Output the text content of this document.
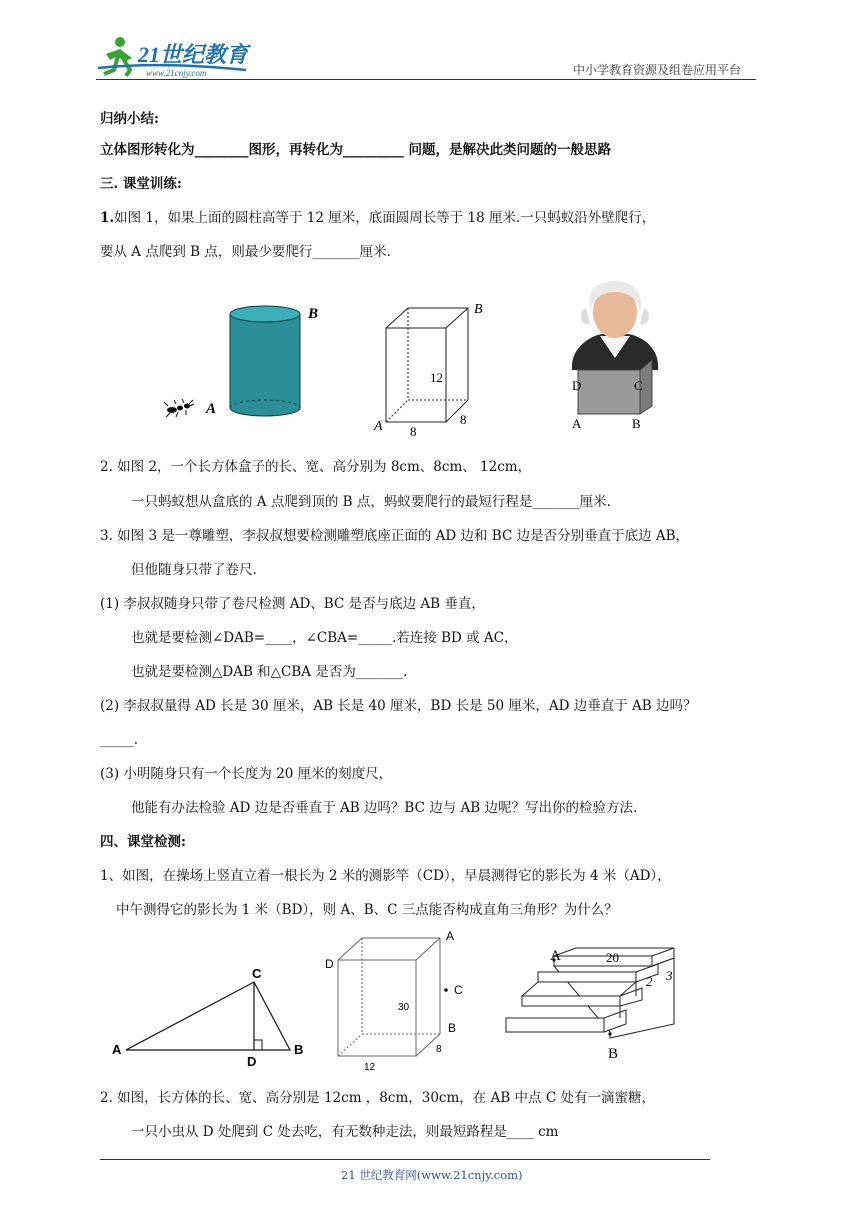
21世纪教育
www.21cnjy.com	中小学教育资源及组卷应用平台
归纳小结:
立体图形转化为________图形，再转化为_________ 问题，是解决此类问题的一般思路
三. 课堂训练:
1.如图 1，如果上面的圆柱高等于 12 厘米，底面圆周长等于 18 厘米.一只蚂蚁沿外壁爬行，
要从 A 点爬到 B 点，则最少要爬行_______厘米.
B
A
B
A
12
8
8
D	C
A	B
2. 如图 2，一个长方体盒子的长、宽、高分别为 8cm、8cm、 12cm，
一只蚂蚁想从盒底的 A 点爬到顶的 B 点，蚂蚁要爬行的最短行程是_______厘米.
3. 如图 3 是一尊雕塑，李叔叔想要检测雕塑底座正面的 AD 边和 BC 边是否分别垂直于底边 AB，
但他随身只带了卷尺.
(1) 李叔叔随身只带了卷尺检测 AD、BC 是否与底边 AB 垂直，
也就是要检测∠DAB=____，∠CBA=_____.若连接 BD 或 AC，
也就是要检测△DAB 和△CBA 是否为_______.
(2) 李叔叔量得 AD 长是 30 厘米，AB 长是 40 厘米，BD 长是 50 厘米，AD 边垂直于 AB 边吗？
_____.
(3) 小明随身只有一个长度为 20 厘米的刻度尺，
他能有办法检验 AD 边是否垂直于 AB 边吗？BC 边与 AB 边呢？写出你的检验方法.
四、课堂检测:
1、如图，在操场上竖直立着一根长为 2 米的测影竿（CD），早晨测得它的影长为 4 米（AD），
中午测得它的影长为 1 米（BD），则 A、B、C 三点能否构成直角三角形？为什么？
C
A
D
B
A
D
C
B
30
12
8
A
B
20
2 3
2. 如图，长方体的长、宽、高分别是 12cm ，8cm，30cm，在 AB 中点 C 处有一滴蜜糖，
一只小虫从 D 处爬到 C 处去吃，有无数种走法，则最短路程是____ cm
21 世纪教育网(www.21cnjy.com)
